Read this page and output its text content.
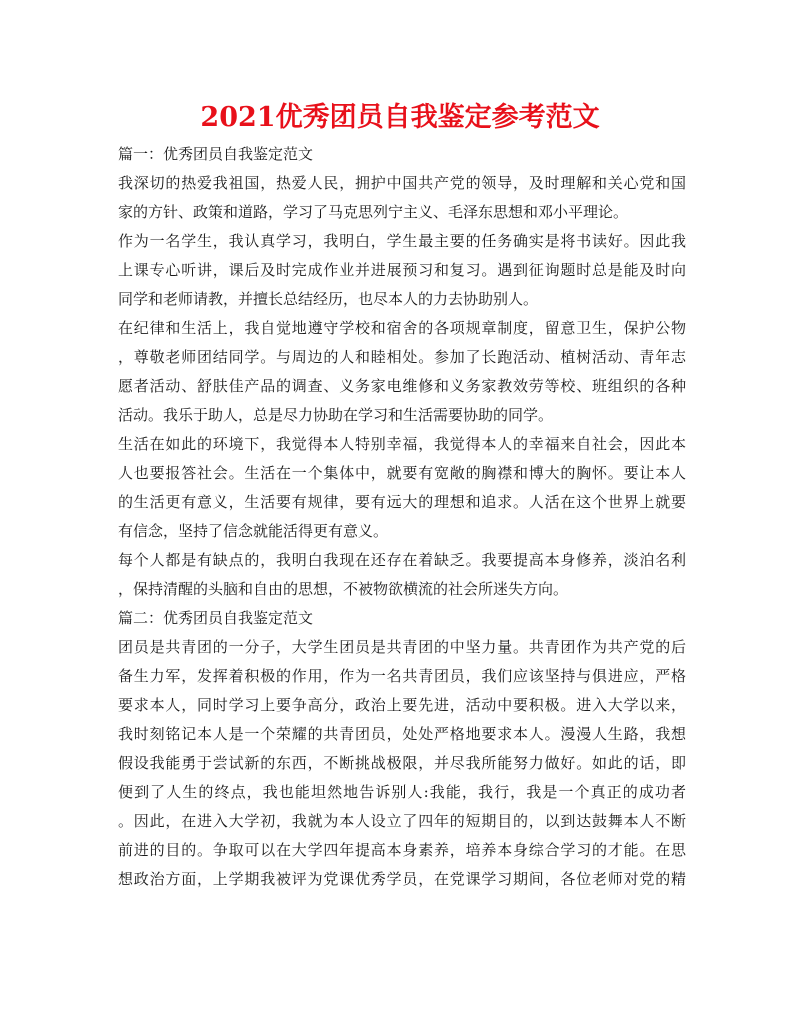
2021优秀团员自我鉴定参考范文
篇一：优秀团员自我鉴定范文
我深切的热爱我祖国，热爱人民，拥护中国共产党的领导，及时理解和关心党和国
家的方针、政策和道路，学习了马克思列宁主义、毛泽东思想和邓小平理论。
作为一名学生，我认真学习，我明白，学生最主要的任务确实是将书读好。因此我
上课专心听讲，课后及时完成作业并进展预习和复习。遇到征询题时总是能及时向
同学和老师请教，并擅长总结经历，也尽本人的力去协助别人。
在纪律和生活上，我自觉地遵守学校和宿舍的各项规章制度，留意卫生，保护公物
，尊敬老师团结同学。与周边的人和睦相处。参加了长跑活动、植树活动、青年志
愿者活动、舒肤佳产品的调查、义务家电维修和义务家教效劳等校、班组织的各种
活动。我乐于助人，总是尽力协助在学习和生活需要协助的同学。
生活在如此的环境下，我觉得本人特别幸福，我觉得本人的幸福来自社会，因此本
人也要报答社会。生活在一个集体中，就要有宽敞的胸襟和博大的胸怀。要让本人
的生活更有意义，生活要有规律，要有远大的理想和追求。人活在这个世界上就要
有信念，坚持了信念就能活得更有意义。
每个人都是有缺点的，我明白我现在还存在着缺乏。我要提高本身修养，淡泊名利
，保持清醒的头脑和自由的思想，不被物欲横流的社会所迷失方向。
篇二：优秀团员自我鉴定范文
团员是共青团的一分子，大学生团员是共青团的中坚力量。共青团作为共产党的后
备生力军，发挥着积极的作用，作为一名共青团员，我们应该坚持与俱进应，严格
要求本人，同时学习上要争高分，政治上要先进，活动中要积极。进入大学以来，
我时刻铭记本人是一个荣耀的共青团员，处处严格地要求本人。漫漫人生路，我想
假设我能勇于尝试新的东西，不断挑战极限，并尽我所能努力做好。如此的话，即
便到了人生的终点，我也能坦然地告诉别人:我能，我行，我是一个真正的成功者
。因此，在进入大学初，我就为本人设立了四年的短期目的，以到达鼓舞本人不断
前进的目的。争取可以在大学四年提高本身素养，培养本身综合学习的才能。在思
想政治方面，上学期我被评为党课优秀学员，在党课学习期间，各位老师对党的精
